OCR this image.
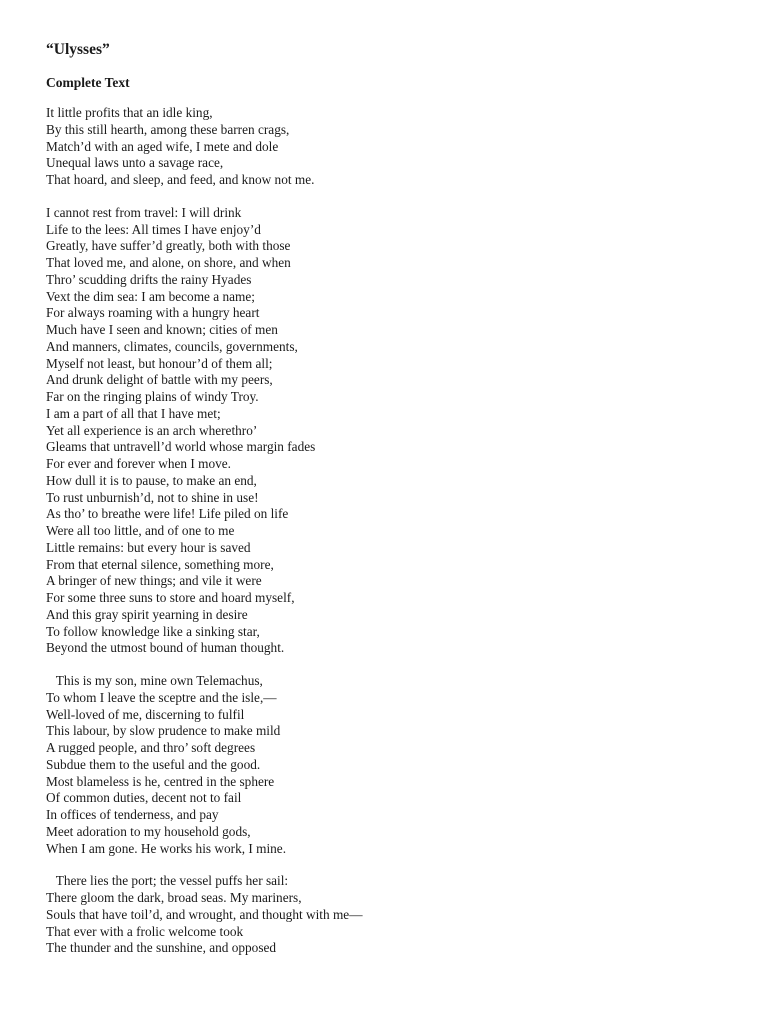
“Ulysses”
Complete Text
It little profits that an idle king,
By this still hearth, among these barren crags,
Match’d with an aged wife, I mete and dole
Unequal laws unto a savage race,
That hoard, and sleep, and feed, and know not me.
I cannot rest from travel: I will drink
Life to the lees: All times I have enjoy’d
Greatly, have suffer’d greatly, both with those
That loved me, and alone, on shore, and when
Thro’ scudding drifts the rainy Hyades
Vext the dim sea: I am become a name;
For always roaming with a hungry heart
Much have I seen and known; cities of men
And manners, climates, councils, governments,
Myself not least, but honour’d of them all;
And drunk delight of battle with my peers,
Far on the ringing plains of windy Troy.
I am a part of all that I have met;
Yet all experience is an arch wherethro’
Gleams that untravell’d world whose margin fades
For ever and forever when I move.
How dull it is to pause, to make an end,
To rust unburnish’d, not to shine in use!
As tho’ to breathe were life! Life piled on life
Were all too little, and of one to me
Little remains: but every hour is saved
From that eternal silence, something more,
A bringer of new things; and vile it were
For some three suns to store and hoard myself,
And this gray spirit yearning in desire
To follow knowledge like a sinking star,
Beyond the utmost bound of human thought.
This is my son, mine own Telemachus,
To whom I leave the sceptre and the isle,—
Well-loved of me, discerning to fulfil
This labour, by slow prudence to make mild
A rugged people, and thro’ soft degrees
Subdue them to the useful and the good.
Most blameless is he, centred in the sphere
Of common duties, decent not to fail
In offices of tenderness, and pay
Meet adoration to my household gods,
When I am gone. He works his work, I mine.
There lies the port; the vessel puffs her sail:
There gloom the dark, broad seas. My mariners,
Souls that have toil’d, and wrought, and thought with me—
That ever with a frolic welcome took
The thunder and the sunshine, and opposed
